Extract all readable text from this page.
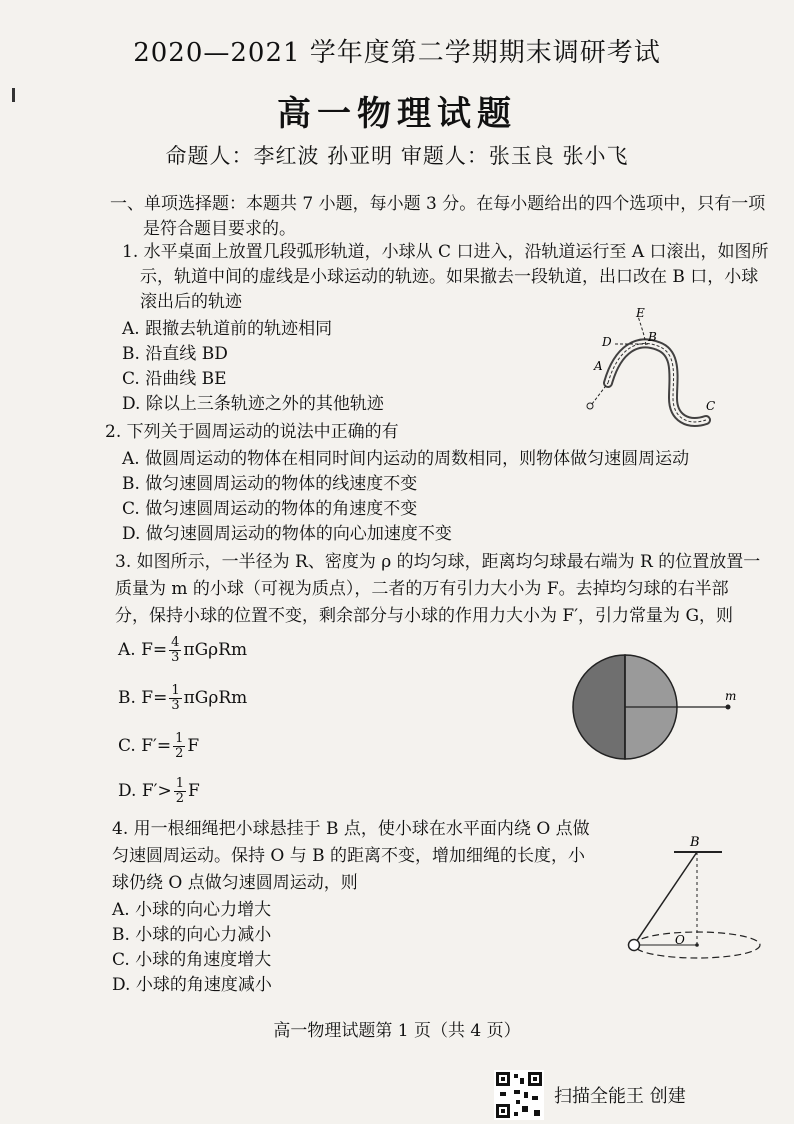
2020—2021 学年度第二学期期末调研考试
高一物理试题
命题人：李红波 孙亚明 审题人：张玉良 张小飞
一、单项选择题：本题共 7 小题，每小题 3 分。在每小题给出的四个选项中，只有一项
是符合题目要求的。
1. 水平桌面上放置几段弧形轨道，小球从 C 口进入，沿轨道运行至 A 口滚出，如图所
示，轨道中间的虚线是小球运动的轨迹。如果撤去一段轨道，出口改在 B 口，小球
滚出后的轨迹
A. 跟撤去轨道前的轨迹相同
B. 沿直线 BD
C. 沿曲线 BE
D. 除以上三条轨迹之外的其他轨迹
E
D	B
A
C
2. 下列关于圆周运动的说法中正确的有
A. 做圆周运动的物体在相同时间内运动的周数相同，则物体做匀速圆周运动
B. 做匀速圆周运动的物体的线速度不变
C. 做匀速圆周运动的物体的角速度不变
D. 做匀速圆周运动的物体的向心加速度不变
3. 如图所示，一半径为 R、密度为 ρ 的均匀球，距离均匀球最右端为 R 的位置放置一
质量为 m 的小球（可视为质点），二者的万有引力大小为 F。去掉均匀球的右半部
分，保持小球的位置不变，剩余部分与小球的作用力大小为 F′，引力常量为 G，则
A. $F= \frac{4}{3}$ πGρRm
B. $F= \frac{1}{3}$ πGρRm
C. $F'= \frac{1}{2}$ F
D. $F'> \frac{1}{2}$ F
m
4. 用一根细绳把小球悬挂于 B 点，使小球在水平面内绕 O 点做
匀速圆周运动。保持 O 与 B 的距离不变，增加细绳的长度，小
球仍绕 O 点做匀速圆周运动，则
A. 小球的向心力增大
B. 小球的向心力减小
C. 小球的角速度增大
D. 小球的角速度减小
B
O
高一物理试题第 1 页（共 4 页）
扫描全能王 创建
